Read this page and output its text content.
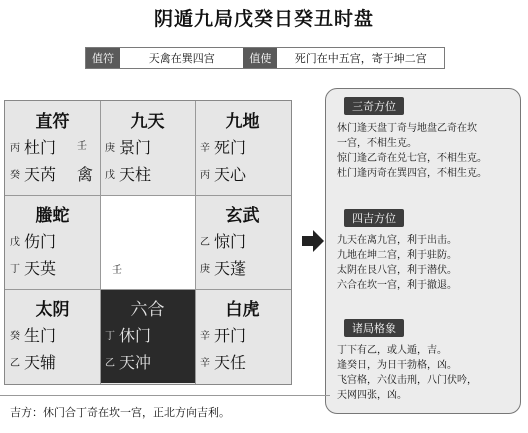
阴遁九局戊癸日癸丑时盘
值符	天禽在巽四宫	值使	死门在中五宫，寄于坤二宫
直符
丙 杜门 壬
癸 天芮 禽
九天
庚 景门
戊 天柱
九地
辛 死门
丙 天心
螣蛇
戊 伤门
丁 天英	壬
玄武
乙 惊门
庚 天蓬
太阴
癸 生门
乙 天辅
六合
丁 休门
乙 天冲
白虎
辛 开门
辛 天任
三奇方位
休门逢天盘丁奇与地盘乙奇在坎
一宫，不相生克。
惊门逢乙奇在兑七宫，不相生克。
杜门逢丙奇在巽四宫，不相生克。
四吉方位
九天在离九宫，利于出击。
九地在坤二宫，利于驻防。
太阴在艮八宫，利于潜伏。
六合在坎一宫，利于撤退。
诸局格象
丁下有乙，或人遁，吉。
逢癸日，为日干勃格，凶。
飞宫格，六仪击刑，八门伏吟，
天网四张，凶。
吉方：休门合丁奇在坎一宫，正北方向吉利。
